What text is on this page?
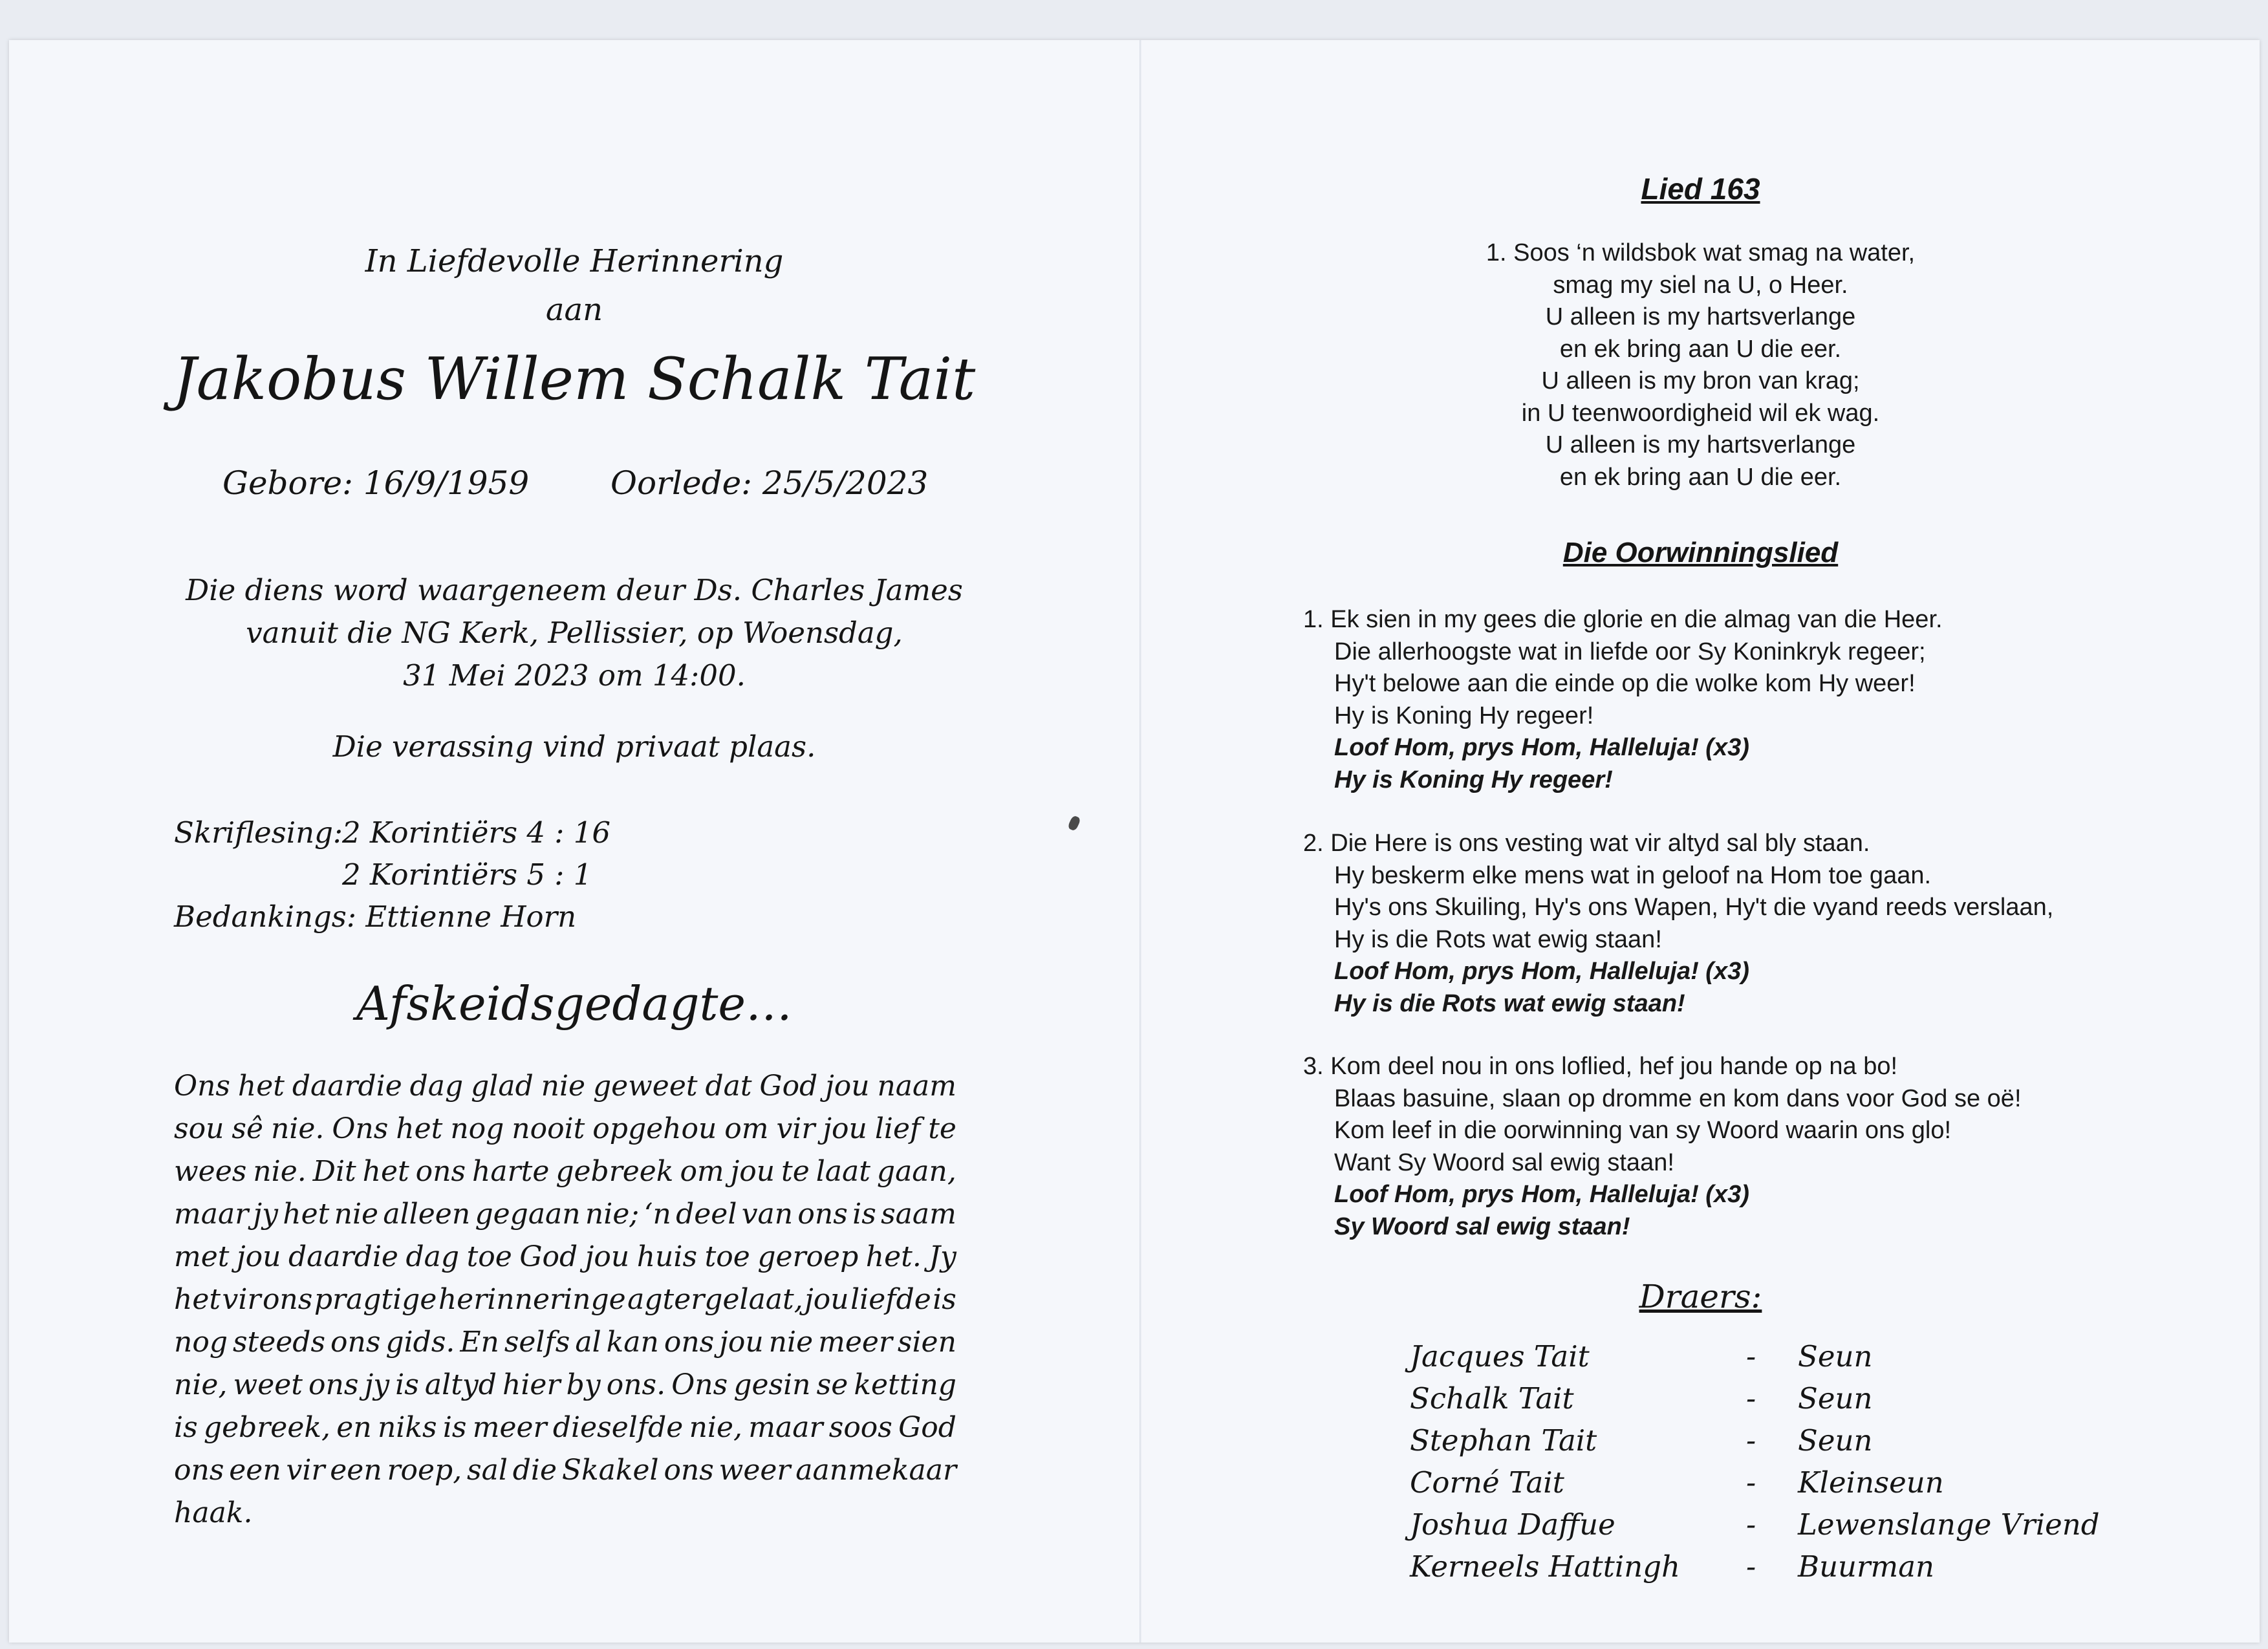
In Liefdevolle Herinnering
aan
Jakobus Willem Schalk Tait
Gebore: 16/9/1959	Oorlede: 25/5/2023
Die diens word waargeneem deur Ds. Charles James
vanuit die NG Kerk, Pellissier, op Woensdag,
31 Mei 2023 om 14:00.
Die verassing vind privaat plaas.
Skriflesing:
2 Korintiërs 4 : 16
2 Korintiërs 5 : 1
Bedankings: Ettienne Horn
Afskeidsgedagte…
Ons het daardie dag glad nie geweet dat God jou naam
sou sê nie. Ons het nog nooit opgehou om vir jou lief te
wees nie. Dit het ons harte gebreek om jou te laat gaan,
maar jy het nie alleen gegaan nie; ‘n deel van ons is saam
met jou daardie dag toe God jou huis toe geroep het. Jy
het vir ons pragtige herinneringe agtergelaat, jou liefde is
nog steeds ons gids. En selfs al kan ons jou nie meer sien
nie, weet ons jy is altyd hier by ons. Ons gesin se ketting
is gebreek, en niks is meer dieselfde nie, maar soos God
ons een vir een roep, sal die Skakel ons weer aanmekaar
haak.
Lied 163
1. Soos ‘n wildsbok wat smag na water,
smag my siel na U, o Heer.
U alleen is my hartsverlange
en ek bring aan U die eer.
U alleen is my bron van krag;
in U teenwoordigheid wil ek wag.
U alleen is my hartsverlange
en ek bring aan U die eer.
Die Oorwinningslied
1. Ek sien in my gees die glorie en die almag van die Heer.
Die allerhoogste wat in liefde oor Sy Koninkryk regeer;
Hy't belowe aan die einde op die wolke kom Hy weer!
Hy is Koning Hy regeer!
Loof Hom, prys Hom, Halleluja! (x3)
Hy is Koning Hy regeer!
2. Die Here is ons vesting wat vir altyd sal bly staan.
Hy beskerm elke mens wat in geloof na Hom toe gaan.
Hy's ons Skuiling, Hy's ons Wapen, Hy't die vyand reeds verslaan,
Hy is die Rots wat ewig staan!
Loof Hom, prys Hom, Halleluja! (x3)
Hy is die Rots wat ewig staan!
3. Kom deel nou in ons loflied, hef jou hande op na bo!
Blaas basuine, slaan op dromme en kom dans voor God se oë!
Kom leef in die oorwinning van sy Woord waarin ons glo!
Want Sy Woord sal ewig staan!
Loof Hom, prys Hom, Halleluja! (x3)
Sy Woord sal ewig staan!
Draers:
Jacques Tait	- Seun
Schalk Tait	- Seun
Stephan Tait	- Seun
Corné Tait	- Kleinseun
Joshua Daffue	- Lewenslange Vriend
Kerneels Hattingh - Buurman
